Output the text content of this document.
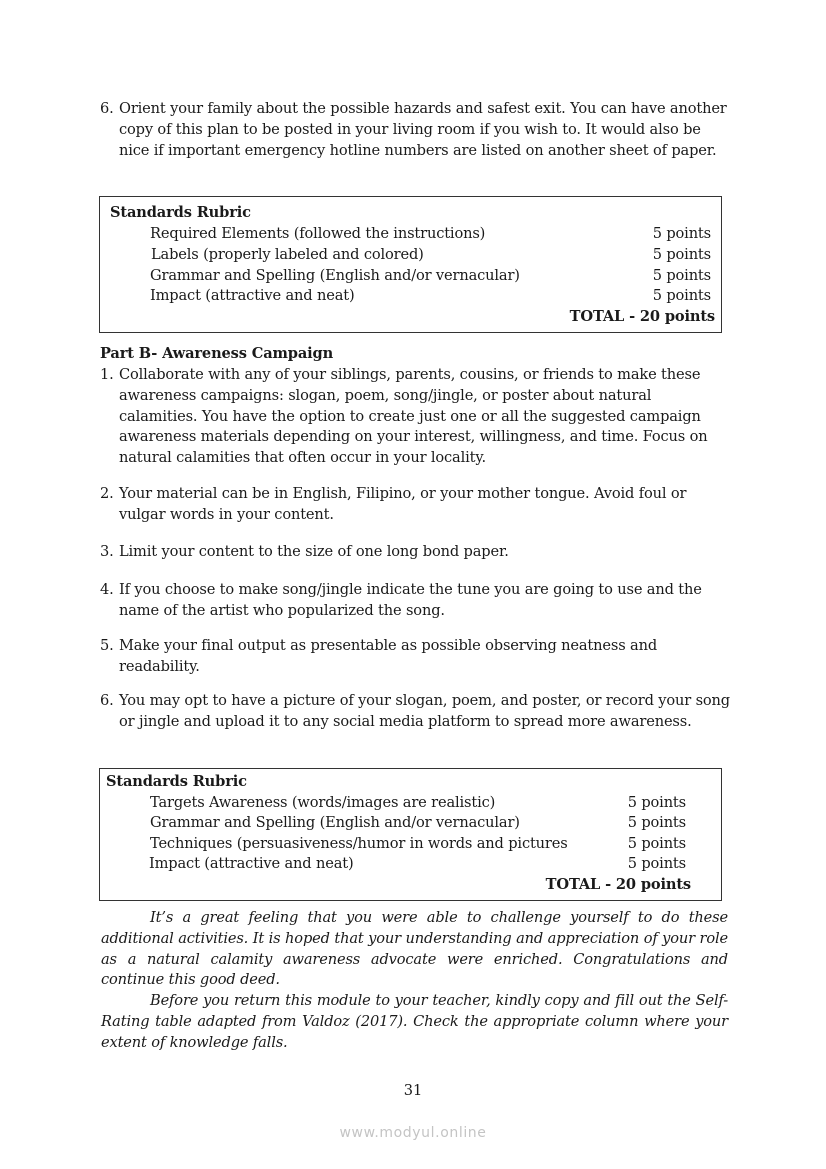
6. Orient your family about the possible hazards and safest exit. You can have another copy of this plan to be posted in your living room if you wish to. It would also be nice if important emergency hotline numbers are listed on another sheet of paper.
Standards Rubric
Required Elements (followed the instructions)	5 points
Labels (properly labeled and colored)	5 points
Grammar and Spelling (English and/or vernacular)	5 points
Impact (attractive and neat)	5 points
TOTAL - 20 points
Part B- Awareness Campaign
1. Collaborate with any of your siblings, parents, cousins, or friends to make these awareness campaigns: slogan, poem, song/jingle, or poster about natural calamities. You have the option to create just one or all the suggested campaign awareness materials depending on your interest, willingness, and time. Focus on natural calamities that often occur in your locality.
2. Your material can be in English, Filipino, or your mother tongue. Avoid foul or vulgar words in your content.
3. Limit your content to the size of one long bond paper.
4. If you choose to make song/jingle indicate the tune you are going to use and the name of the artist who popularized the song.
5. Make your final output as presentable as possible observing neatness and readability.
6. You may opt to have a picture of your slogan, poem, and poster, or record your song or jingle and upload it to any social media platform to spread more awareness.
Standards Rubric
Targets Awareness (words/images are realistic)	5 points
Grammar and Spelling (English and/or vernacular)	5 points
Techniques (persuasiveness/humor in words and pictures	5 points
Impact (attractive and neat)	5 points
TOTAL - 20 points

It’s a great feeling that you were able to challenge yourself to do these additional activities. It is hoped that your understanding and appreciation of your role as a natural calamity awareness advocate were enriched. Congratulations and continue this good deed.

Before you return this module to your teacher, kindly copy and fill out the Self-Rating table adapted from Valdoz (2017). Check the appropriate column where your extent of knowledge falls.

31
www.modyul.online
